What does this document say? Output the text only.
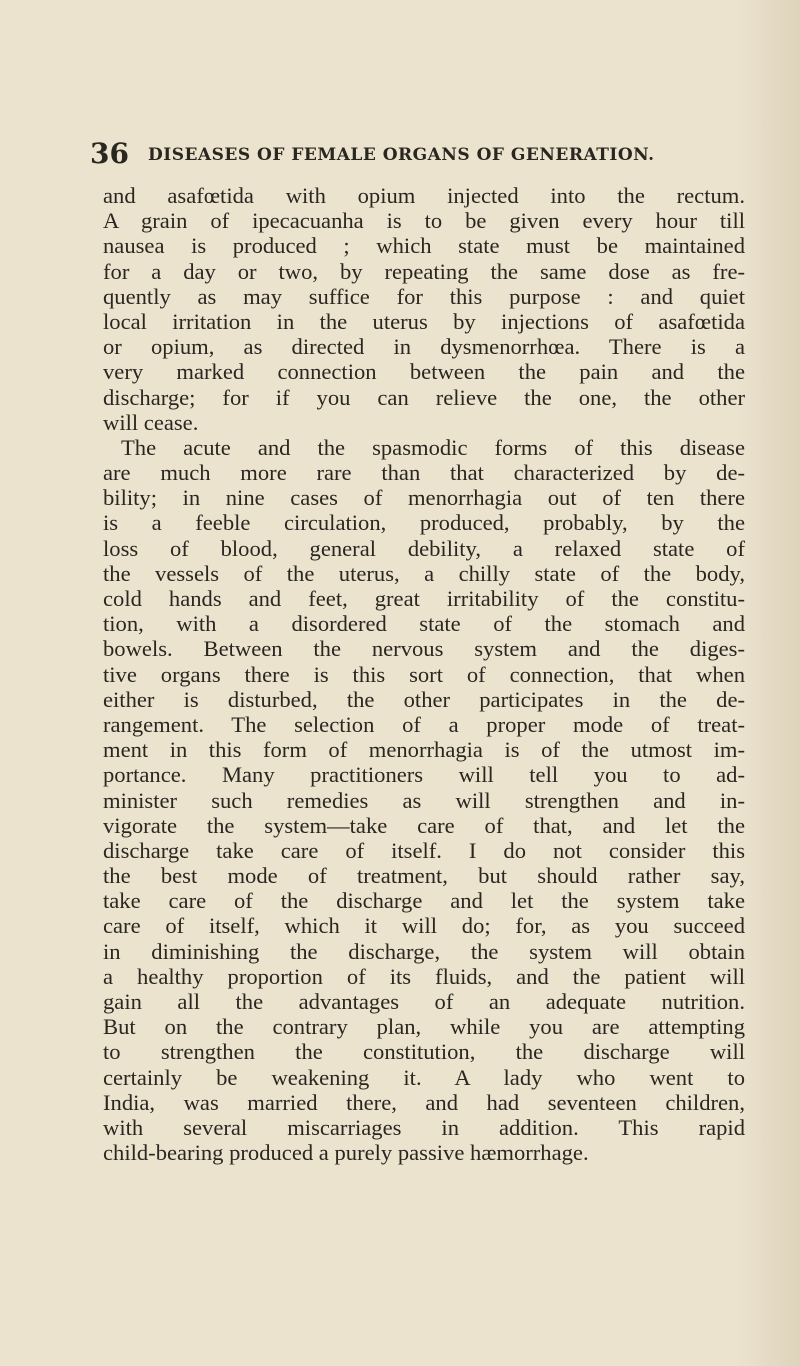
36 DISEASES OF FEMALE ORGANS OF GENERATION.
and asafœtida with opium injected into the rectum.
A grain of ipecacuanha is to be given every hour till
nausea is produced ; which state must be maintained
for a day or two, by repeating the same dose as fre-
quently as may suffice for this purpose : and quiet
local irritation in the uterus by injections of asafœtida
or opium, as directed in dysmenorrhœa. There is a
very marked connection between the pain and the
discharge; for if you can relieve the one, the other
will cease.
The acute and the spasmodic forms of this disease
are much more rare than that characterized by de-
bility; in nine cases of menorrhagia out of ten there
is a feeble circulation, produced, probably, by the
loss of blood, general debility, a relaxed state of
the vessels of the uterus, a chilly state of the body,
cold hands and feet, great irritability of the constitu-
tion, with a disordered state of the stomach and
bowels. Between the nervous system and the diges-
tive organs there is this sort of connection, that when
either is disturbed, the other participates in the de-
rangement. The selection of a proper mode of treat-
ment in this form of menorrhagia is of the utmost im-
portance. Many practitioners will tell you to ad-
minister such remedies as will strengthen and in-
vigorate the system—take care of that, and let the
discharge take care of itself. I do not consider this
the best mode of treatment, but should rather say,
take care of the discharge and let the system take
care of itself, which it will do; for, as you succeed
in diminishing the discharge, the system will obtain
a healthy proportion of its fluids, and the patient will
gain all the advantages of an adequate nutrition.
But on the contrary plan, while you are attempting
to strengthen the constitution, the discharge will
certainly be weakening it. A lady who went to
India, was married there, and had seventeen children,
with several miscarriages in addition. This rapid
child-bearing produced a purely passive hæmorrhage.
